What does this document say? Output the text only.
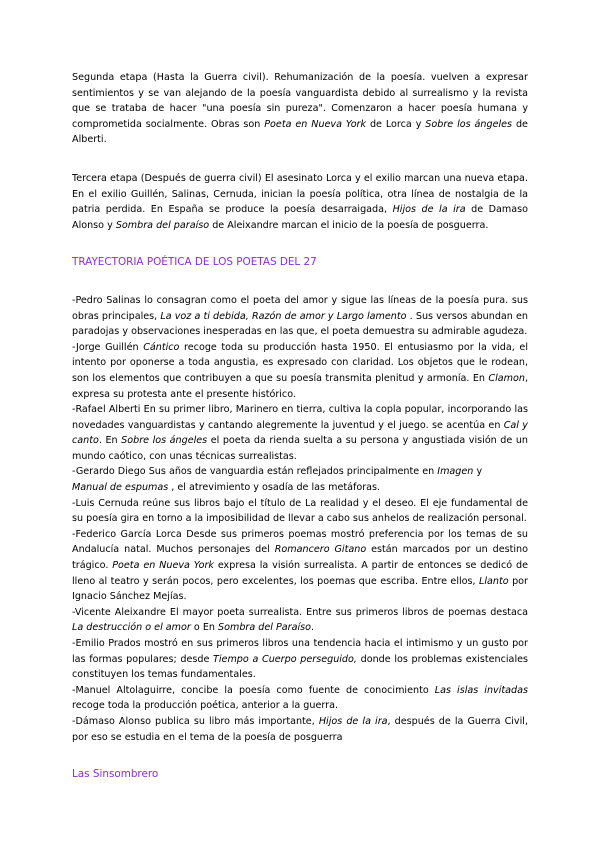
Segunda etapa (Hasta la Guerra civil). Rehumanización de la poesía. vuelven a expresar sentimientos y se van alejando de la poesía vanguardista debido al surrealismo y la revista que se trataba de hacer "una poesía sin pureza". Comenzaron a hacer poesía humana y comprometida socialmente. Obras son Poeta en Nueva York de Lorca y Sobre los ángeles de Alberti.

Tercera etapa (Después de guerra civil) El asesinato Lorca y el exilio marcan una nueva etapa. En el exilio Guillén, Salinas, Cernuda, inician la poesía política, otra línea de nostalgia de la patria perdida. En España se produce la poesía desarraigada, Hijos de la ira de Damaso Alonso y Sombra del paraíso de Aleixandre marcan el inicio de la poesía de posguerra.

TRAYECTORIA POÉTICA DE LOS POETAS DEL 27

-Pedro Salinas lo consagran como el poeta del amor y sigue las líneas de la poesía pura. sus obras principales, La voz a ti debida, Razón de amor y Largo lamento . Sus versos abundan en paradojas y observaciones inesperadas en las que, el poeta demuestra su admirable agudeza.

-Jorge Guillén Cántico recoge toda su producción hasta 1950. El entusiasmo por la vida, el intento por oponerse a toda angustia, es expresado con claridad. Los objetos que le rodean, son los elementos que contribuyen a que su poesía transmita plenitud y armonía. En Clamon, expresa su protesta ante el presente histórico.

-Rafael Alberti En su primer libro, Marinero en tierra, cultiva la copla popular, incorporando las novedades vanguardistas y cantando alegremente la juventud y el juego. se acentúa en Cal y canto. En Sobre los ángeles el poeta da rienda suelta a su persona y angustiada visión de un mundo caótico, con unas técnicas surrealistas.

-Gerardo Diego Sus años de vanguardia están reflejados principalmente en Imagen y

Manual de espumas , el atrevimiento y osadía de las metáforas.

-Luis Cernuda reúne sus libros bajo el título de La realidad y el deseo. El eje fundamental de su poesía gira en torno a la imposibilidad de llevar a cabo sus anhelos de realización personal.

-Federico García Lorca Desde sus primeros poemas mostró preferencia por los temas de su Andalucía natal. Muchos personajes del Romancero Gitano están marcados por un destino trágico. Poeta en Nueva York expresa la visión surrealista. A partir de entonces se dedicó de lleno al teatro y serán pocos, pero excelentes, los poemas que escriba. Entre ellos, Llanto por Ignacio Sánchez Mejías.

-Vicente Aleixandre El mayor poeta surrealista. Entre sus primeros libros de poemas destaca La destrucción o el amor o En Sombra del Paraíso.

-Emilio Prados mostró en sus primeros libros una tendencia hacia el intimismo y un gusto por las formas populares; desde Tiempo a Cuerpo perseguido, donde los problemas existenciales constituyen los temas fundamentales.

-Manuel Altolaguirre, concibe la poesía como fuente de conocimiento Las islas invitadas recoge toda la producción poética, anterior a la guerra.

-Dámaso Alonso publica su libro más importante, Hijos de la ira, después de la Guerra Civil, por eso se estudia en el tema de la poesía de posguerra

Las Sinsombrero
